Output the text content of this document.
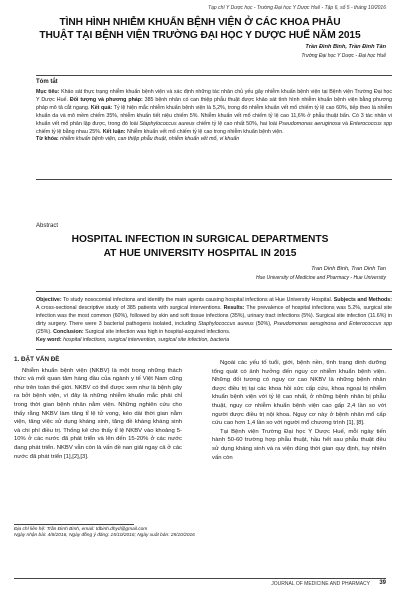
Tạp chí Y Dược học - Trường Đại học Y Dược Huế - Tập 6, số 5 - tháng 10/2016
TÌNH HÌNH NHIỄM KHUẨN BỆNH VIỆN Ở CÁC KHOA PHẪU
THUẬT TẠI BỆNH VIỆN TRƯỜNG ĐẠI HỌC Y DƯỢC HUẾ NĂM 2015
Trần Đình Bình, Trần Đình Tân
Trường Đại học Y Dược - Đại học Huế
Tóm tắt
Mục tiêu: Khảo sát thực trạng nhiễm khuẩn bệnh viện và xác định những tác nhân chủ yếu gây nhiễm khuẩn bệnh viện tại Bệnh viện Trường Đại học Y Dược Huế. Đối tượng và phương pháp: 385 bệnh nhân có can thiệp phẫu thuật được khảo sát tình hình nhiễm khuẩn bệnh viện bằng phương pháp mô tả cắt ngang. Kết quả: Tỷ lệ hiện mắc nhiễm khuẩn bệnh viện là 5,2%, trong đó nhiễm khuẩn vết mổ chiếm tỷ lệ cao 60%, tiếp theo là nhiễm khuẩn da và mô mềm chiếm 35%, nhiễm khuẩn tiết niệu chiếm 5%. Nhiễm khuẩn vết mổ chiếm tỷ lệ cao 11,6% ở phẫu thuật bẩn. Có 3 tác nhân vi khuẩn vết mổ phân lập được, trong đó loài Staphylococcus aureus chiếm tỷ lệ cao nhất 50%, hai loài Pseudomonas aeruginosa và Enterococcus spp chiếm tỷ lệ bằng nhau 25%. Kết luận: Nhiễm khuẩn vết mổ chiếm tỷ lệ cao trong nhiễm khuẩn bệnh viện.
Từ khóa: nhiễm khuẩn bệnh viện, can thiệp phẫu thuật, nhiễm khuẩn vết mổ, vi khuẩn
Abstract
HOSPITAL INFECTION IN SURGICAL DEPARTMENTS
AT HUE UNIVERSITY HOSPITAL IN 2015
Tran Dinh Binh, Tran Dinh Tan
Hue University of Medicine and Pharmacy - Hue University
Objective: To study nosocomial infections and identify the main agents causing hospital infections at Hue University Hospital. Subjects and Methods: A cross-sectional descriptive study of 385 patients with surgical interventions. Results: The prevalence of hospital infections was 5.2%, surgical site infection was the most common (60%), followed by skin and soft tissue infections (35%), urinary tract infections (5%). Surgical site infection (11.6%) in dirty surgery. There were 3 bacterial pathogens isolated, including Staphylococcus aureus (50%), Pseudomonas aeruginosa and Enterococcus spp (25%). Conclusion: Surgical site infection was high in hospital-acquired infections.
Key word: hospital infections, surgical intervention, surgical site infection, bacteria
1. ĐẶT VẤN ĐỀ

Nhiễm khuẩn bệnh viện (NKBV) là một trong những thách thức và mối quan tâm hàng đầu của ngành y tế Việt Nam cũng như trên toàn thế giới. NKBV có thể được xem như là bệnh gây ra bởi bệnh viện, vì đây là những nhiễm khuẩn mắc phải chỉ trong thời gian bệnh nhân nằm viện. Những nghiên cứu cho thấy rằng NKBV làm tăng tỉ lệ tử vong, kéo dài thời gian nằm viện, tăng việc sử dụng kháng sinh, tăng đề kháng kháng sinh và chi phí điều trị. Thống kê cho thấy tỉ lệ NKBV vào khoảng 5-10% ở các nước đã phát triển và lên đến 15-20% ở các nước đang phát triển. NKBV vẫn còn là vấn đề nan giải ngay cả ở các nước đã phát triển [1],[2],[3].

Ngoài các yếu tố tuổi, giới, bệnh nền, tình trạng dinh dưỡng tổng quát có ảnh hưởng đến nguy cơ nhiễm khuẩn bệnh viện. Những đối tượng có nguy cơ cao NKBV là những bệnh nhân được điều trị tại các khoa hồi sức cấp cứu, khoa ngoại bị nhiễm khuẩn bệnh viện với tỷ lệ cao nhất, ở những bệnh nhân bị phẫu thuật, nguy cơ nhiễm khuẩn bệnh viện cao gấp 2,4 lần so với người được điều trị nội khoa. Nguy cơ này ở bệnh nhân mổ cấp cứu cao hơn 1,4 lần so với người mổ chương trình [1], [8].

Tại Bệnh viện Trường Đại học Y Dược Huế, mỗi ngày tiến hành 50-60 trường hợp phẫu thuật, hầu hết sau phẫu thuật đều sử dụng kháng sinh và ra viện đúng thời gian quy định, tuy nhiên vấn còn

Địa chỉ liên hệ: Trần Đình Bình, email: tdbinh.dhyd@gmail.com
Ngày nhận bài: 4/8/2016, Ngày đồng ý đăng: 15/10/2016; Ngày xuất bản: 25/10/2016
JOURNAL OF MEDICINE AND PHARMACY 39
